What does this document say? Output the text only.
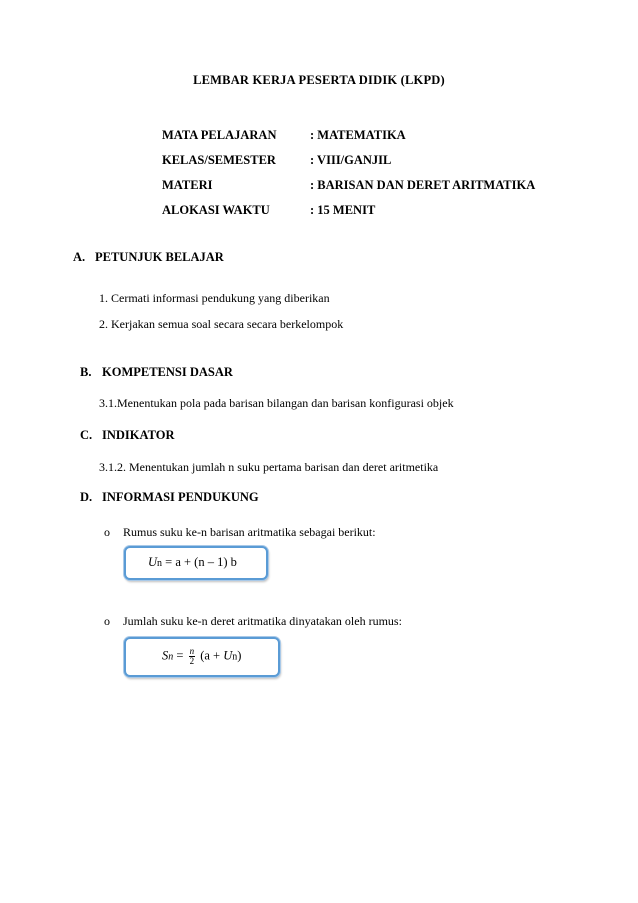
LEMBAR KERJA PESERTA DIDIK (LKPD)
MATA PELAJARAN	: MATEMATIKA
KELAS/SEMESTER	: VIII/GANJIL
MATERI	: BARISAN DAN DERET ARITMATIKA
ALOKASI WAKTU	: 15 MENIT
A. PETUNJUK BELAJAR
1. Cermati informasi pendukung yang diberikan
2. Kerjakan semua soal secara secara berkelompok
B. KOMPETENSI DASAR
3.1.Menentukan pola pada barisan bilangan dan barisan konfigurasi objek
C. INDIKATOR
3.1.2. Menentukan jumlah n suku pertama barisan dan deret aritmetika
D. INFORMASI PENDUKUNG
o Rumus suku ke-n barisan aritmatika sebagai berikut:
Un = a + (n – 1) b
o Jumlah suku ke-n deret aritmatika dinyatakan oleh rumus:
$Sn = \frac{n}{2} (a + Un)$
